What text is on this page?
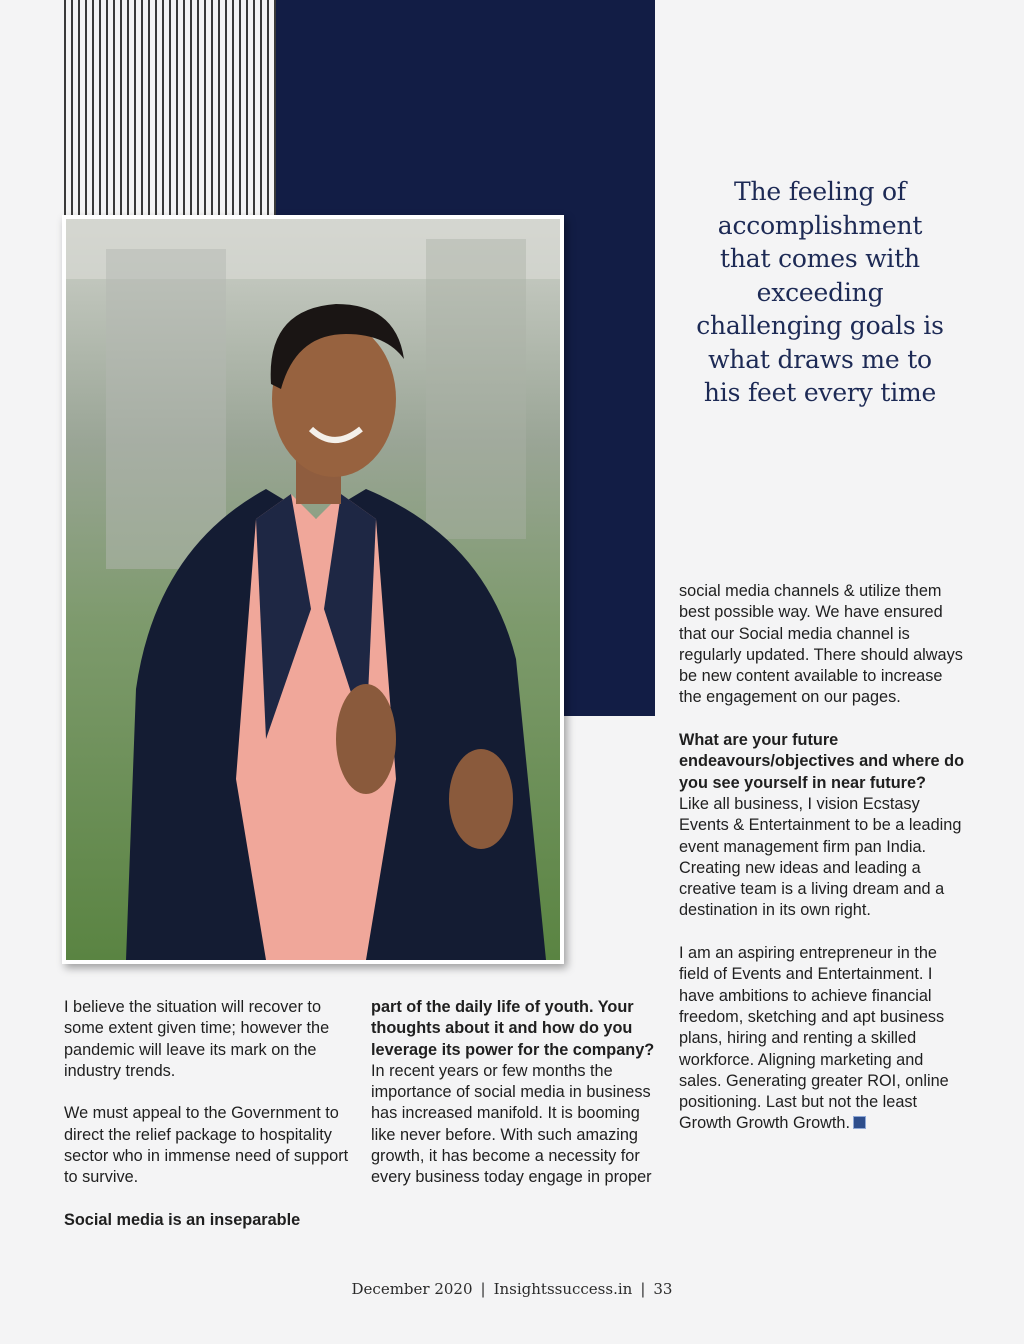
The feeling of accomplishment that comes with exceeding challenging goals is what draws me to his feet every time

social media channels & utilize them best possible way. We have ensured that our Social media channel is regularly updated. There should always be new content available to increase the engagement on our pages.

What are your future endeavours/objectives and where do you see yourself in near future?

Like all business, I vision Ecstasy Events & Entertainment to be a leading event management firm pan India. Creating new ideas and leading a creative team is a living dream and a destination in its own right.

I am an aspiring entrepreneur in the field of Events and Entertainment. I have ambitions to achieve financial freedom, sketching and apt business plans, hiring and renting a skilled workforce. Aligning marketing and sales. Generating greater ROI, online positioning. Last but not the least Growth Growth Growth.

I believe the situation will recover to some extent given time; however the pandemic will leave its mark on the industry trends.

We must appeal to the Government to direct the relief package to hospitality sector who in immense need of support to survive.

Social media is an inseparable

part of the daily life of youth. Your thoughts about it and how do you leverage its power for the company?

In recent years or few months the importance of social media in business has increased manifold. It is booming like never before. With such amazing growth, it has become a necessity for every business today engage in proper

December 2020 | Insightssuccess.in | 33
